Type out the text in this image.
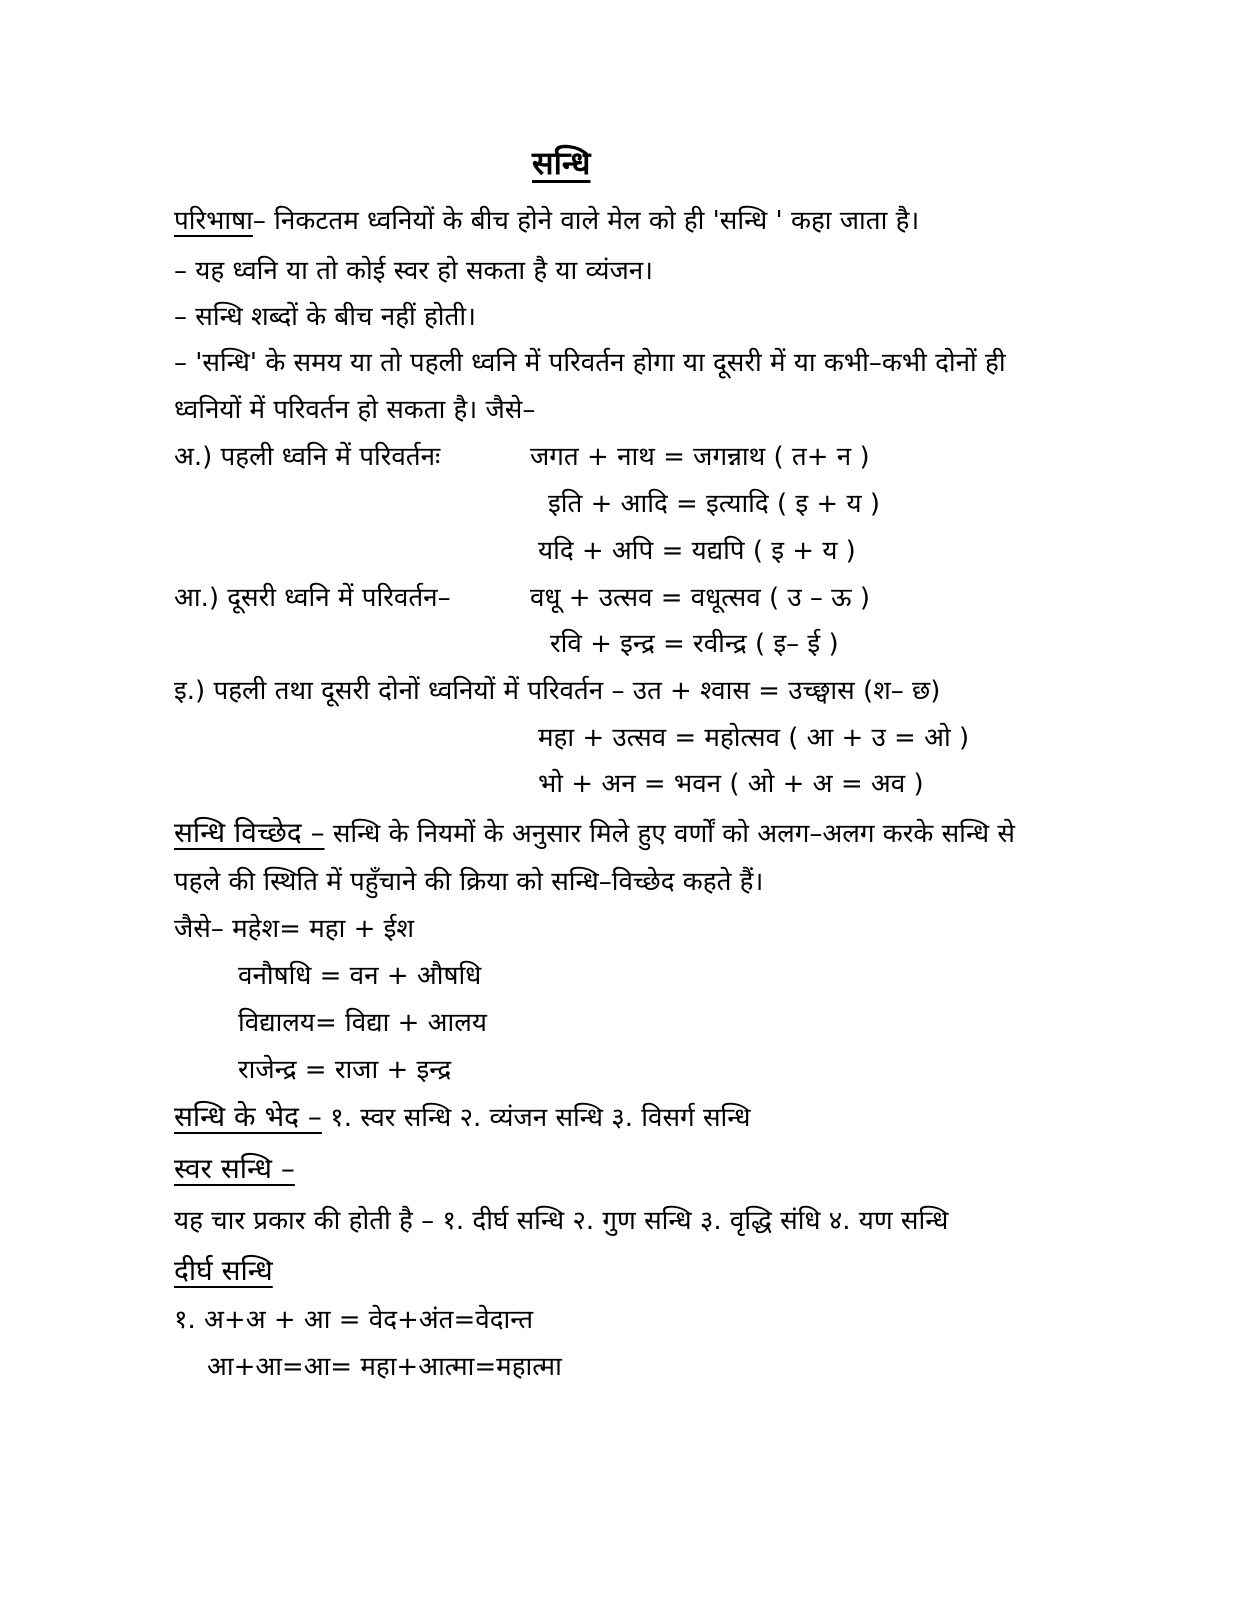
सन्धि
परिभाषा– निकटतम ध्वनियों के बीच होने वाले मेल को ही 'सन्धि ' कहा जाता है।
– यह ध्वनि या तो कोई स्वर हो सकता है या व्यंजन।
– सन्धि शब्दों के बीच नहीं होती।
– 'सन्धि' के समय या तो पहली ध्वनि में परिवर्तन होगा या दूसरी में या कभी–कभी दोनों ही
ध्वनियों में परिवर्तन हो सकता है। जैसे–
अ.) पहली ध्वनि में परिवर्तनः	जगत + नाथ = जगन्नाथ ( त+ न )
इति + आदि = इत्यादि ( इ + य )
यदि + अपि = यद्यपि ( इ + य )
आ.) दूसरी ध्वनि में परिवर्तन–	वधू + उत्सव = वधूत्सव ( उ – ऊ )
रवि + इन्द्र = रवीन्द्र ( इ– ई )
इ.) पहली तथा दूसरी दोनों ध्वनियों में परिवर्तन – उत + श्वास = उच्छ्वास (श– छ)
महा + उत्सव = महोत्सव ( आ + उ = ओ )
भो + अन = भवन ( ओ + अ = अव )
सन्धि विच्छेद – सन्धि के नियमों के अनुसार मिले हुए वर्णों को अलग–अलग करके सन्धि से
पहले की स्थिति में पहुँचाने की क्रिया को सन्धि–विच्छेद कहते हैं।
जैसे– महेश= महा + ईश
वनौषधि = वन + औषधि
विद्यालय= विद्या + आलय
राजेन्द्र = राजा + इन्द्र
सन्धि के भेद – १. स्वर सन्धि २. व्यंजन सन्धि ३. विसर्ग सन्धि
स्वर सन्धि –
यह चार प्रकार की होती है – १. दीर्घ सन्धि २. गुण सन्धि ३. वृद्धि संधि ४. यण सन्धि
दीर्घ सन्धि
१. अ+अ + आ = वेद+अंत=वेदान्त
आ+आ=आ= महा+आत्मा=महात्मा
